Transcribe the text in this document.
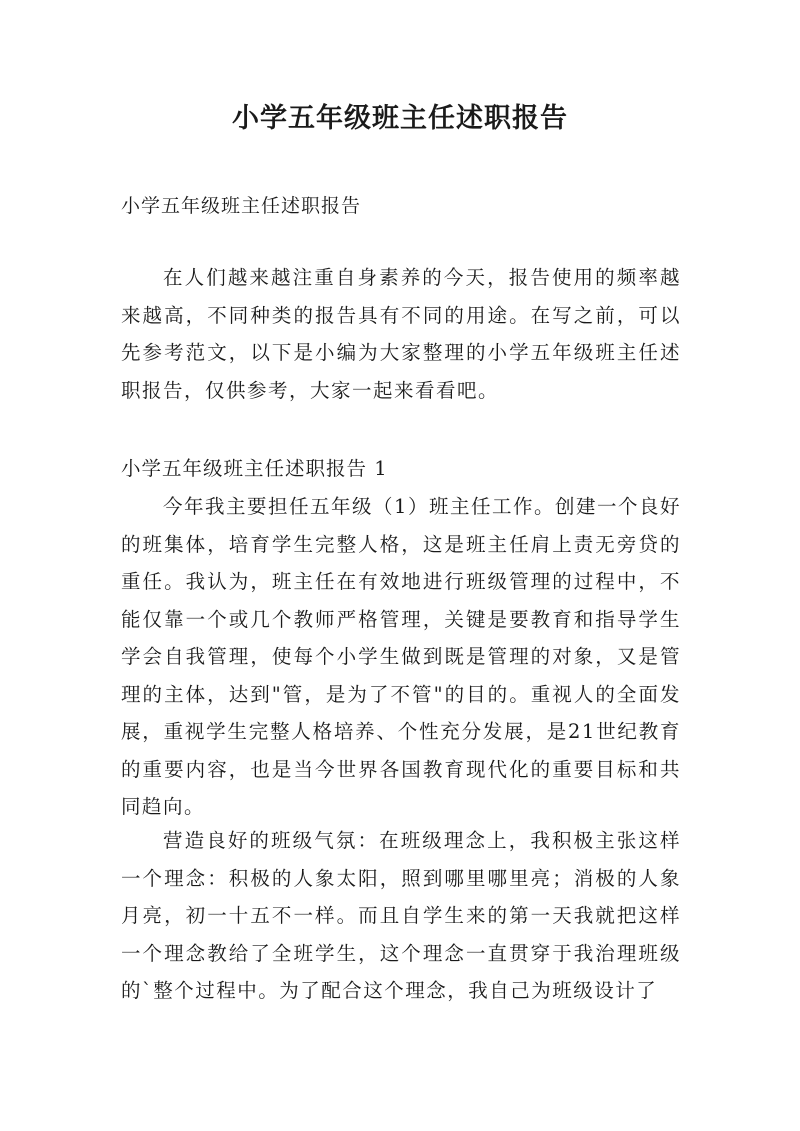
小学五年级班主任述职报告
小学五年级班主任述职报告

在人们越来越注重自身素养的今天，报告使用的频率越来越高，不同种类的报告具有不同的用途。在写之前，可以先参考范文，以下是小编为大家整理的小学五年级班主任述职报告，仅供参考，大家一起来看看吧。

小学五年级班主任述职报告 1

今年我主要担任五年级（1）班主任工作。创建一个良好的班集体，培育学生完整人格，这是班主任肩上责无旁贷的重任。我认为，班主任在有效地进行班级管理的过程中，不能仅靠一个或几个教师严格管理，关键是要教育和指导学生学会自我管理，使每个小学生做到既是管理的对象，又是管理的主体，达到"管，是为了不管"的目的。重视人的全面发展，重视学生完整人格培养、个性充分发展，是21世纪教育的重要内容，也是当今世界各国教育现代化的重要目标和共同趋向。

营造良好的班级气氛：在班级理念上，我积极主张这样一个理念：积极的人象太阳，照到哪里哪里亮；消极的人象月亮，初一十五不一样。而且自学生来的第一天我就把这样一个理念教给了全班学生，这个理念一直贯穿于我治理班级的`整个过程中。为了配合这个理念，我自己为班级设计了
